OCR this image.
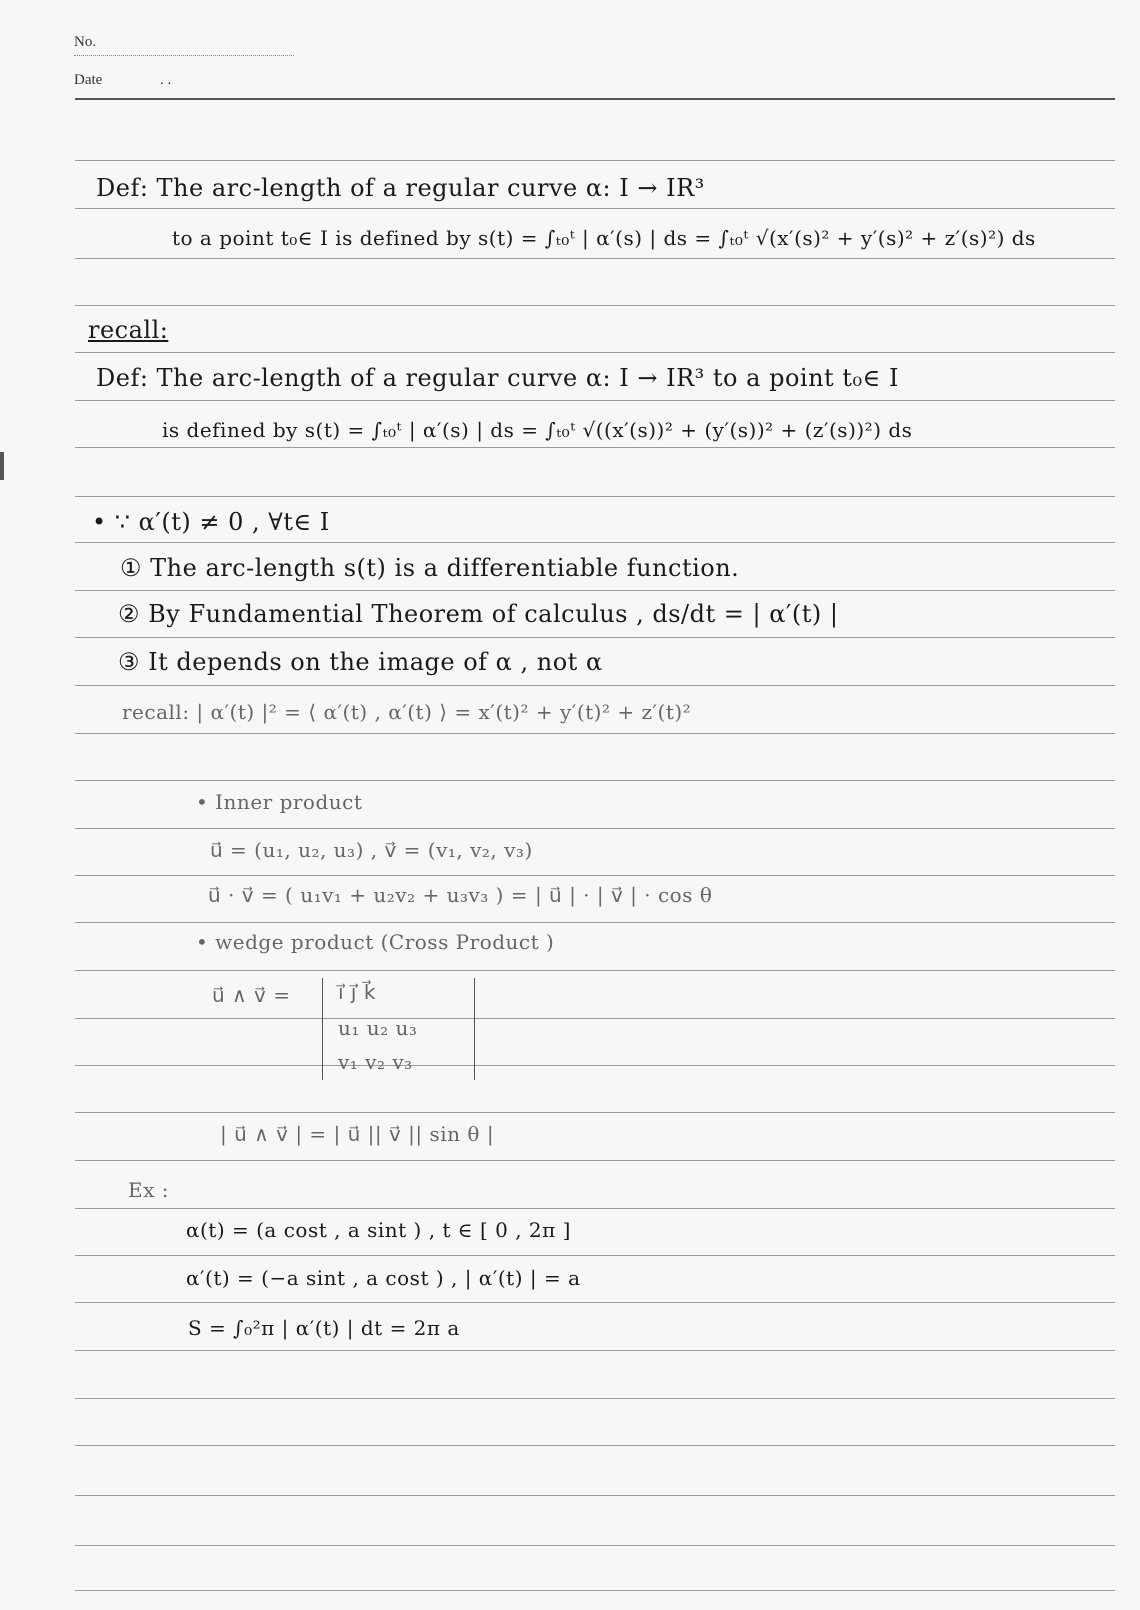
No.
Date	. .
Def: The arc-length of a regular curve α: I → IR³
to a point t₀∈ I is defined by s(t) = ∫ₜ₀ᵗ | α′(s) | ds = ∫ₜ₀ᵗ √(x′(s)² + y′(s)² + z′(s)²) ds
recall:
Def: The arc-length of a regular curve α: I → IR³ to a point t₀∈ I
is defined by s(t) = ∫ₜ₀ᵗ | α′(s) | ds = ∫ₜ₀ᵗ √((x′(s))² + (y′(s))² + (z′(s))²) ds
• ∵ α′(t) ≠ 0 , ∀t∈ I
① The arc-length s(t) is a differentiable function.
② By Fundamential Theorem of calculus , ds/dt = | α′(t) |
③ It depends on the image of α , not α
recall: | α′(t) |² = ⟨ α′(t) , α′(t) ⟩ = x′(t)² + y′(t)² + z′(t)²
• Inner product
u⃗ = (u₁, u₂, u₃) , v⃗ = (v₁, v₂, v₃)
u⃗ · v⃗ = ( u₁v₁ + u₂v₂ + u₃v₃ ) = | u⃗ | · | v⃗ | · cos θ
• wedge product (Cross Product )
u⃗ ∧ v⃗ = i⃗ j⃗ k⃗
u₁ u₂ u₃
v₁ v₂ v₃
| u⃗ ∧ v⃗ | = | u⃗ || v⃗ || sin θ |
Ex :
α(t) = (a cost , a sint ) , t ∈ [ 0 , 2π ]
α′(t) = (−a sint , a cost ) , | α′(t) | = a
S = ∫₀²π | α′(t) | dt = 2π a
